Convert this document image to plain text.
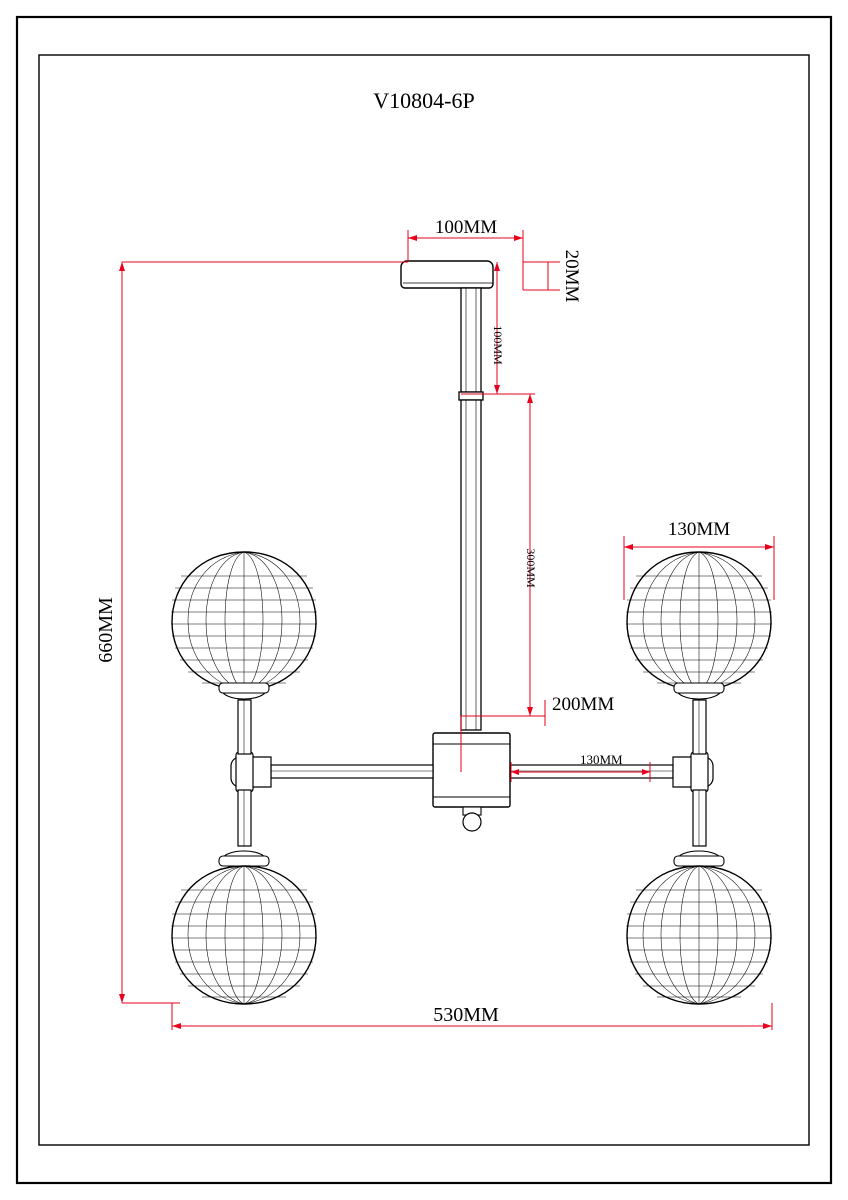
V10804-6P
100MM
20MM
100MM
300MM
130MM
200MM
130MM
660MM
530MM
